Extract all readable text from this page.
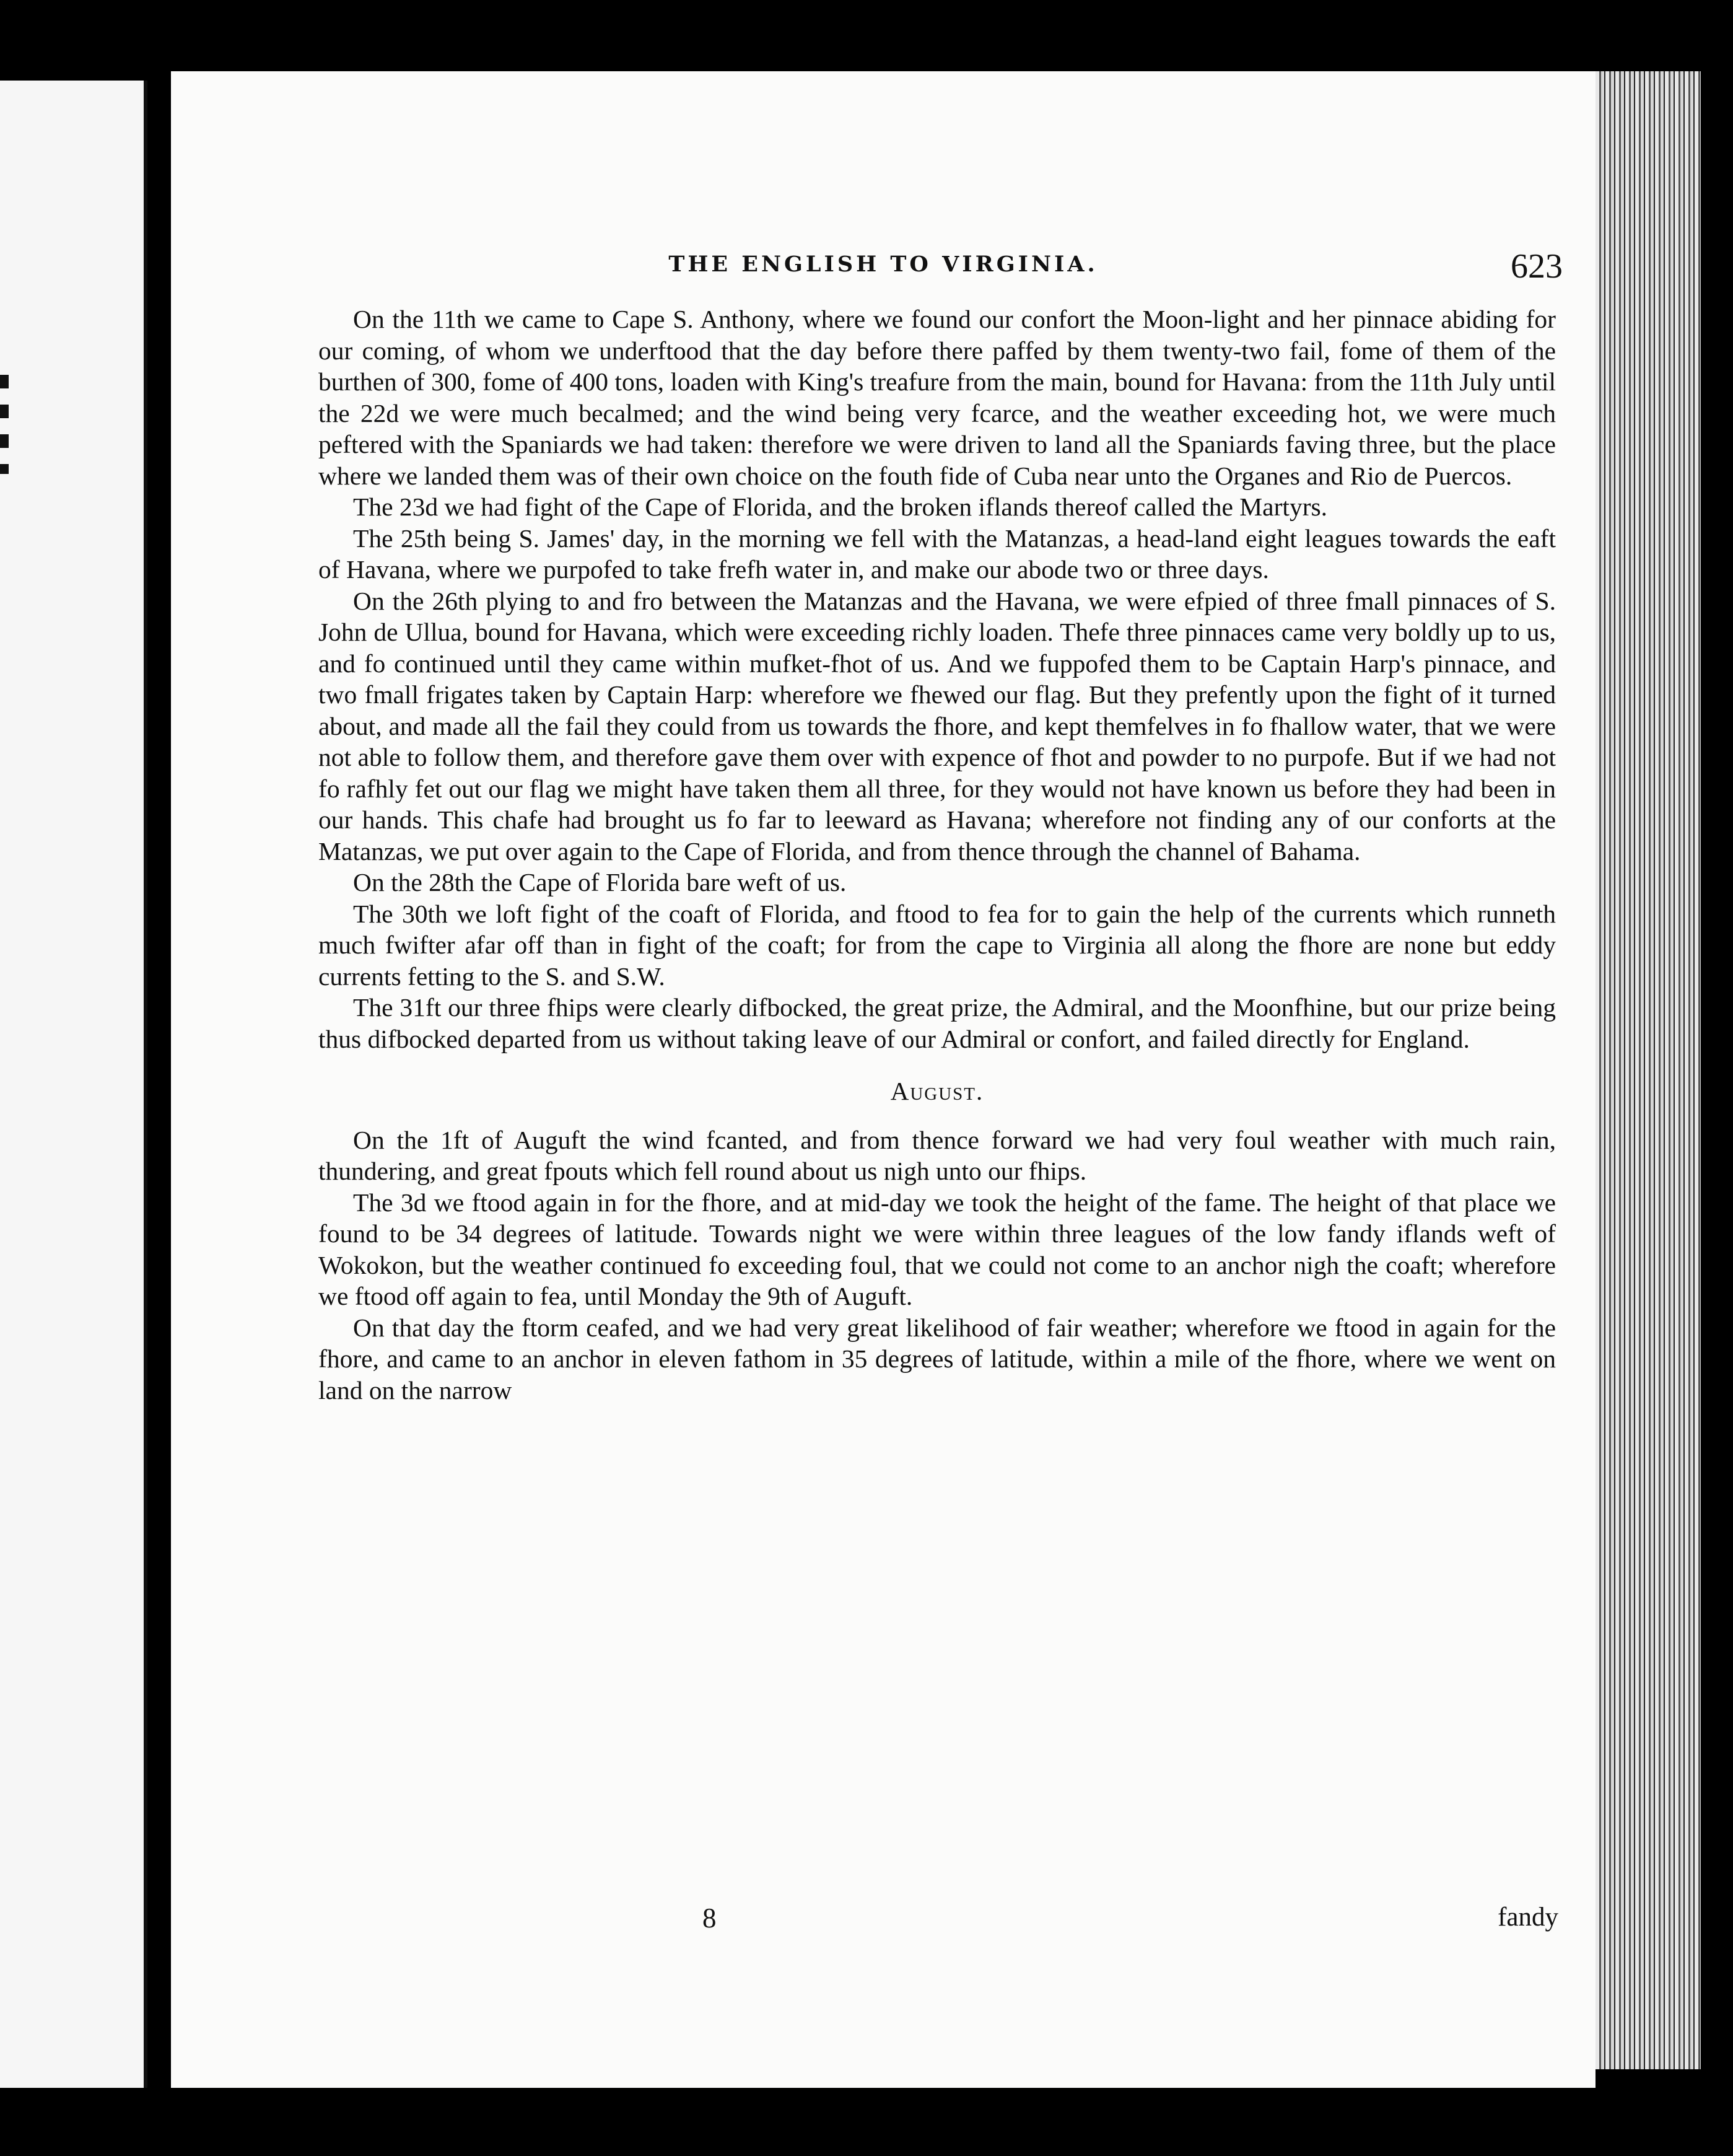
THE ENGLISH TO VIRGINIA.	623

On the 11th we came to Cape S. Anthony, where we found our confort the Moon-light and her pinnace abiding for our coming, of whom we underftood that the day before there paffed by them twenty-two fail, fome of them of the burthen of 300, fome of 400 tons, loaden with King's treafure from the main, bound for Havana: from the 11th July until the 22d we were much becalmed; and the wind being very fcarce, and the weather exceeding hot, we were much peftered with the Spaniards we had taken: therefore we were driven to land all the Spaniards faving three, but the place where we landed them was of their own choice on the fouth fide of Cuba near unto the Organes and Rio de Puercos.

The 23d we had fight of the Cape of Florida, and the broken iflands thereof called the Martyrs.

The 25th being S. James' day, in the morning we fell with the Matanzas, a head-land eight leagues towards the eaft of Havana, where we purpofed to take frefh water in, and make our abode two or three days.

On the 26th plying to and fro between the Matanzas and the Havana, we were efpied of three fmall pinnaces of S. John de Ullua, bound for Havana, which were exceeding richly loaden. Thefe three pinnaces came very boldly up to us, and fo continued until they came within mufket-fhot of us. And we fuppofed them to be Captain Harp's pinnace, and two fmall frigates taken by Captain Harp: wherefore we fhewed our flag. But they prefently upon the fight of it turned about, and made all the fail they could from us towards the fhore, and kept themfelves in fo fhallow water, that we were not able to follow them, and therefore gave them over with expence of fhot and powder to no purpofe. But if we had not fo rafhly fet out our flag we might have taken them all three, for they would not have known us before they had been in our hands. This chafe had brought us fo far to leeward as Havana; wherefore not finding any of our conforts at the Matanzas, we put over again to the Cape of Florida, and from thence through the channel of Bahama.

On the 28th the Cape of Florida bare weft of us.

The 30th we loft fight of the coaft of Florida, and ftood to fea for to gain the help of the currents which runneth much fwifter afar off than in fight of the coaft; for from the cape to Virginia all along the fhore are none but eddy currents fetting to the S. and S.W.

The 31ft our three fhips were clearly difbocked, the great prize, the Admiral, and the Moonfhine, but our prize being thus difbocked departed from us without taking leave of our Admiral or confort, and failed directly for England.

August.

On the 1ft of Auguft the wind fcanted, and from thence forward we had very foul weather with much rain, thundering, and great fpouts which fell round about us nigh unto our fhips.

The 3d we ftood again in for the fhore, and at mid-day we took the height of the fame. The height of that place we found to be 34 degrees of latitude. Towards night we were within three leagues of the low fandy iflands weft of Wokokon, but the weather continued fo exceeding foul, that we could not come to an anchor nigh the coaft; wherefore we ftood off again to fea, until Monday the 9th of Auguft.

On that day the ftorm ceafed, and we had very great likelihood of fair weather; wherefore we ftood in again for the fhore, and came to an anchor in eleven fathom in 35 degrees of latitude, within a mile of the fhore, where we went on land on the narrow

8	fandy
